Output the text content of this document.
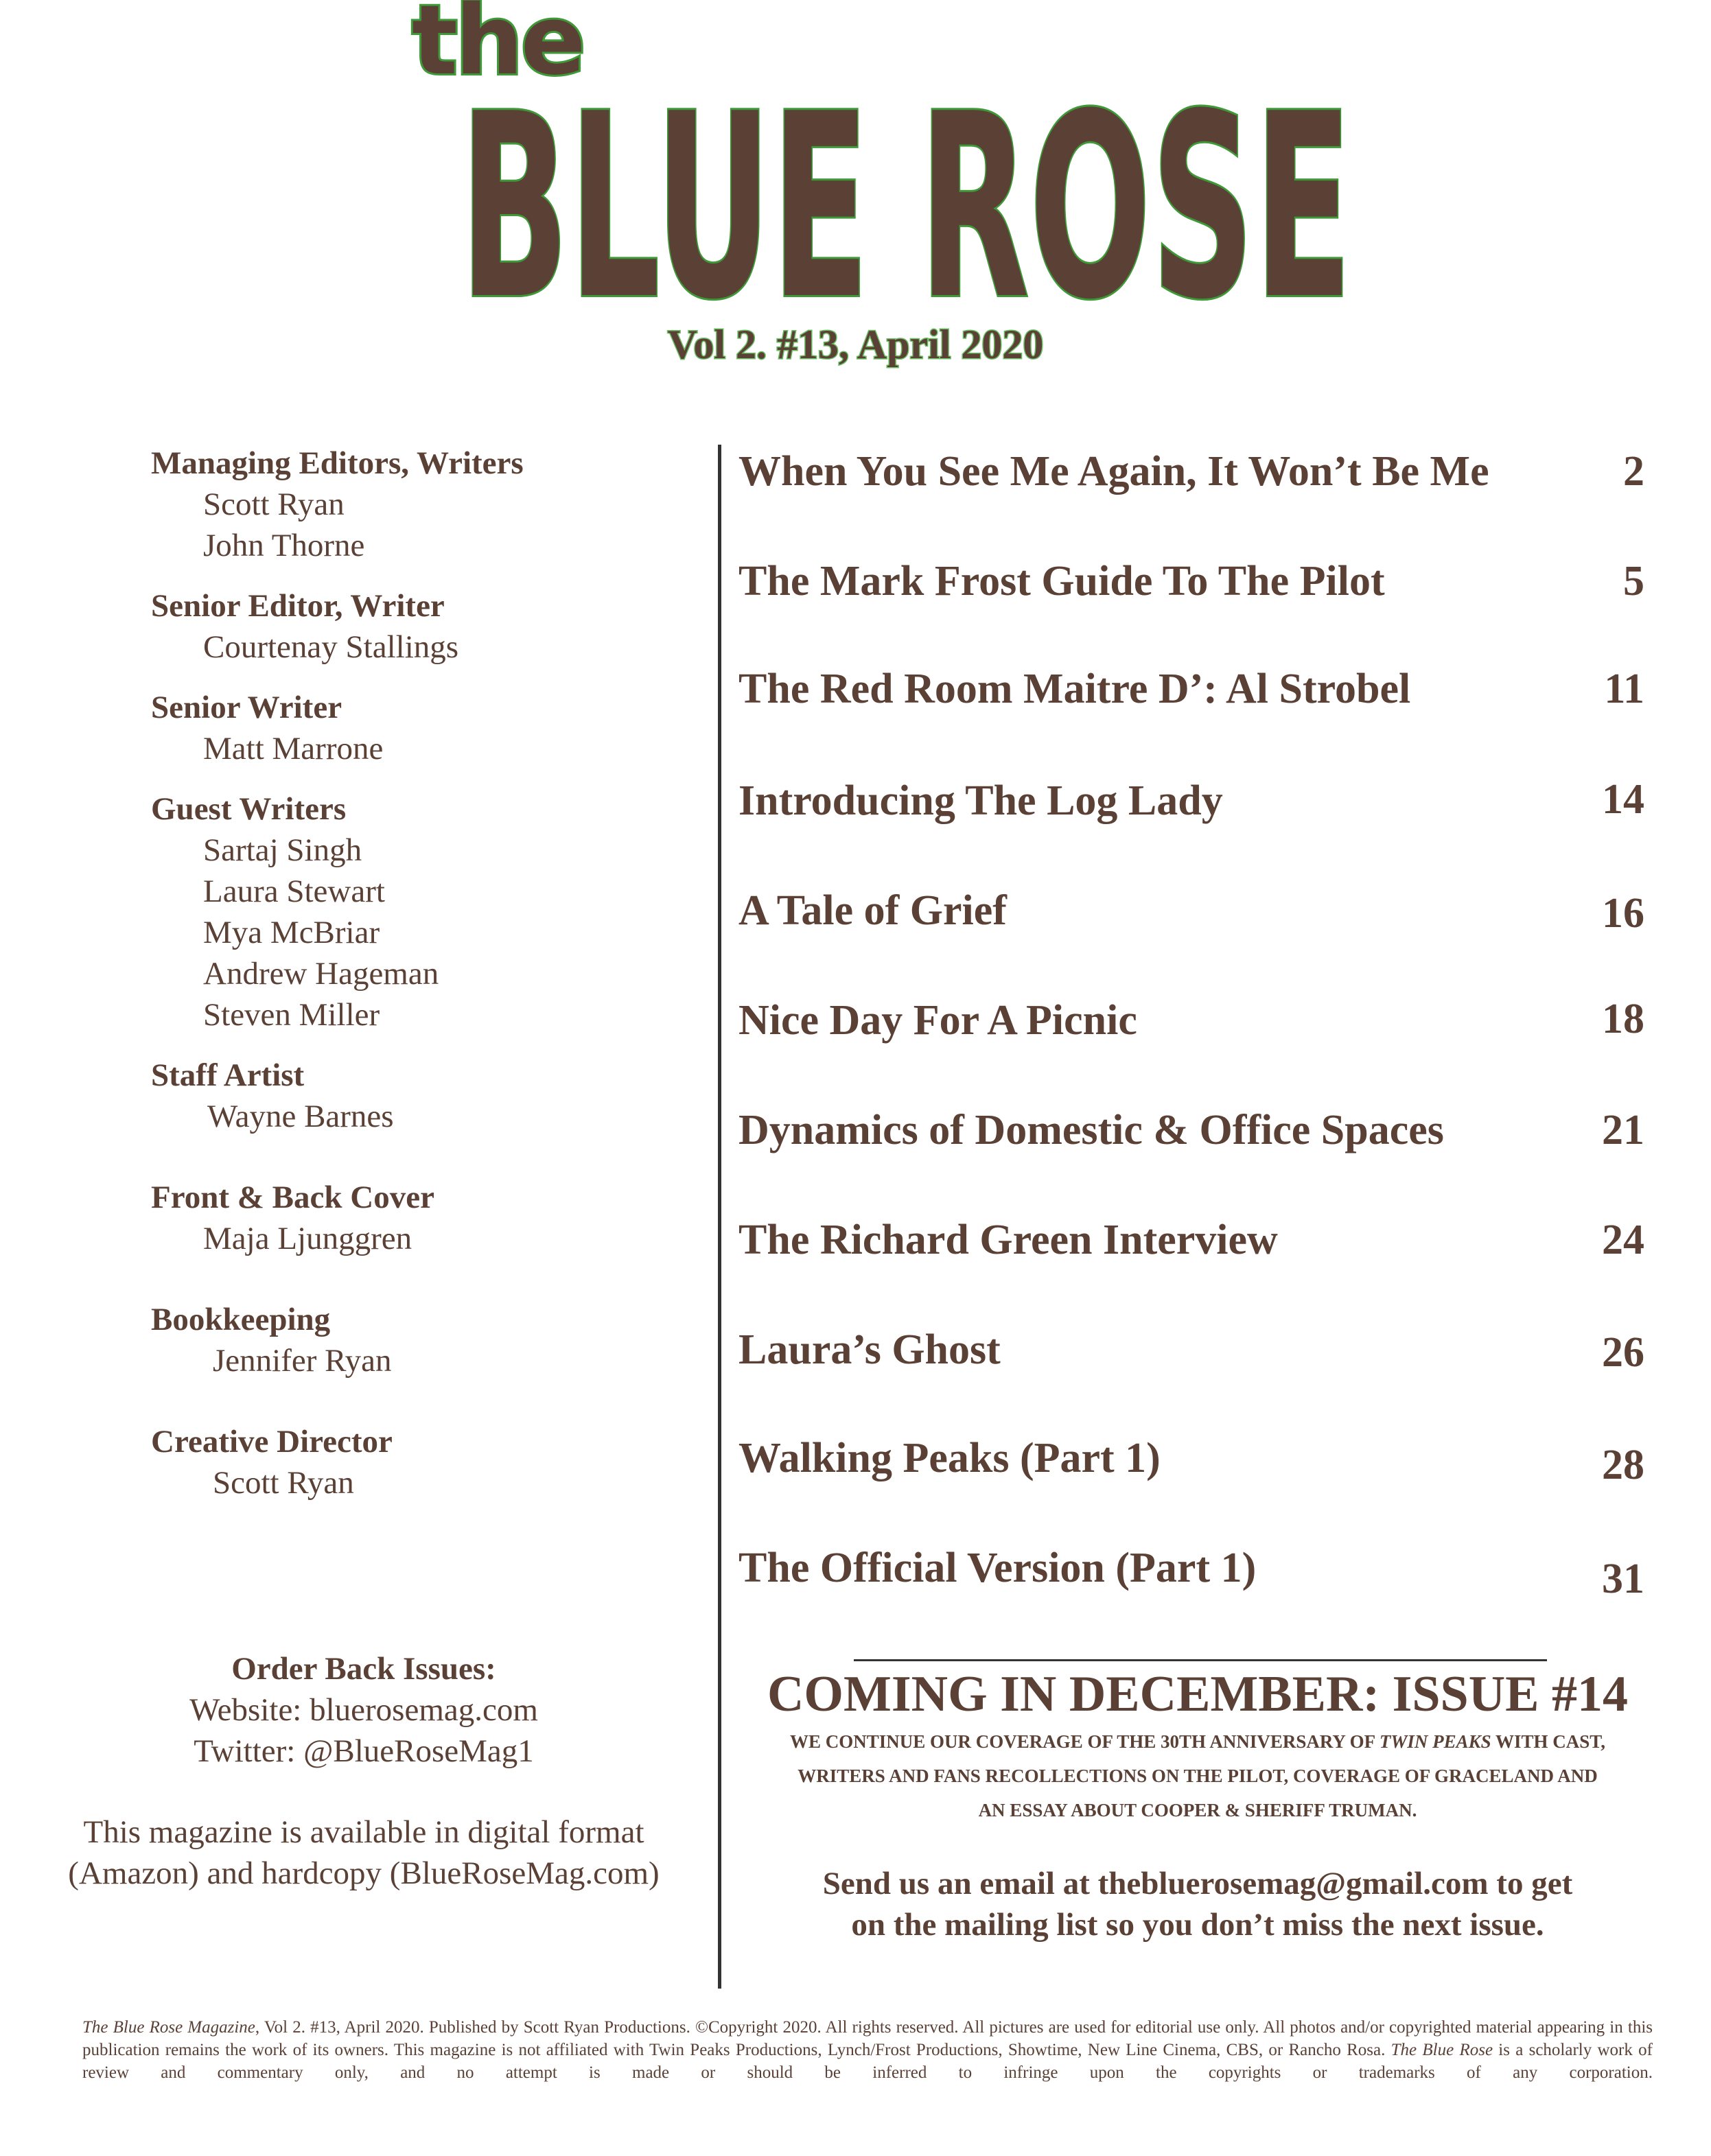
the
BLUE ROSE
Vol 2. #13, April 2020
Managing Editors, Writers
Scott Ryan
John Thorne
Senior Editor, Writer
Courtenay Stallings
Senior Writer
Matt Marrone
Guest Writers
Sartaj Singh
Laura Stewart
Mya McBriar
Andrew Hageman
Steven Miller
Staff Artist
Wayne Barnes
Front & Back Cover
Maja Ljunggren
Bookkeeping
Jennifer Ryan
Creative Director
Scott Ryan
When You See Me Again, It Won’t Be Me	2
The Mark Frost Guide To The Pilot	5
The Red Room Maitre D’: Al Strobel	11
Introducing The Log Lady	14
A Tale of Grief	16
Nice Day For A Picnic	18
Dynamics of Domestic & Office Spaces	21
The Richard Green Interview	24
Laura’s Ghost	26
Walking Peaks (Part 1)	28
The Official Version (Part 1)	31
Order Back Issues:
Website: bluerosemag.com
Twitter: @BlueRoseMag1
This magazine is available in digital format
(Amazon) and hardcopy (BlueRoseMag.com)
COMING IN DECEMBER: ISSUE #14
WE CONTINUE OUR COVERAGE OF THE 30TH ANNIVERSARY OF TWIN PEAKS WITH CAST,
WRITERS AND FANS RECOLLECTIONS ON THE PILOT, COVERAGE OF GRACELAND AND
AN ESSAY ABOUT COOPER & SHERIFF TRUMAN.
Send us an email at thebluerosemag@gmail.com to get
on the mailing list so you don’t miss the next issue.
The Blue Rose Magazine, Vol 2. #13, April 2020. Published by Scott Ryan Productions. ©Copyright 2020. All rights reserved. All pictures are used for editorial use only. All photos and/or copyrighted material appearing in this publication remains the work of its owners. This magazine is not affiliated with Twin Peaks Productions, Lynch/Frost Productions, Showtime, New Line Cinema, CBS, or Rancho Rosa. The Blue Rose is a scholarly work of review and commentary only, and no attempt is made or should be inferred to infringe upon the copyrights or trademarks of any corporation.
